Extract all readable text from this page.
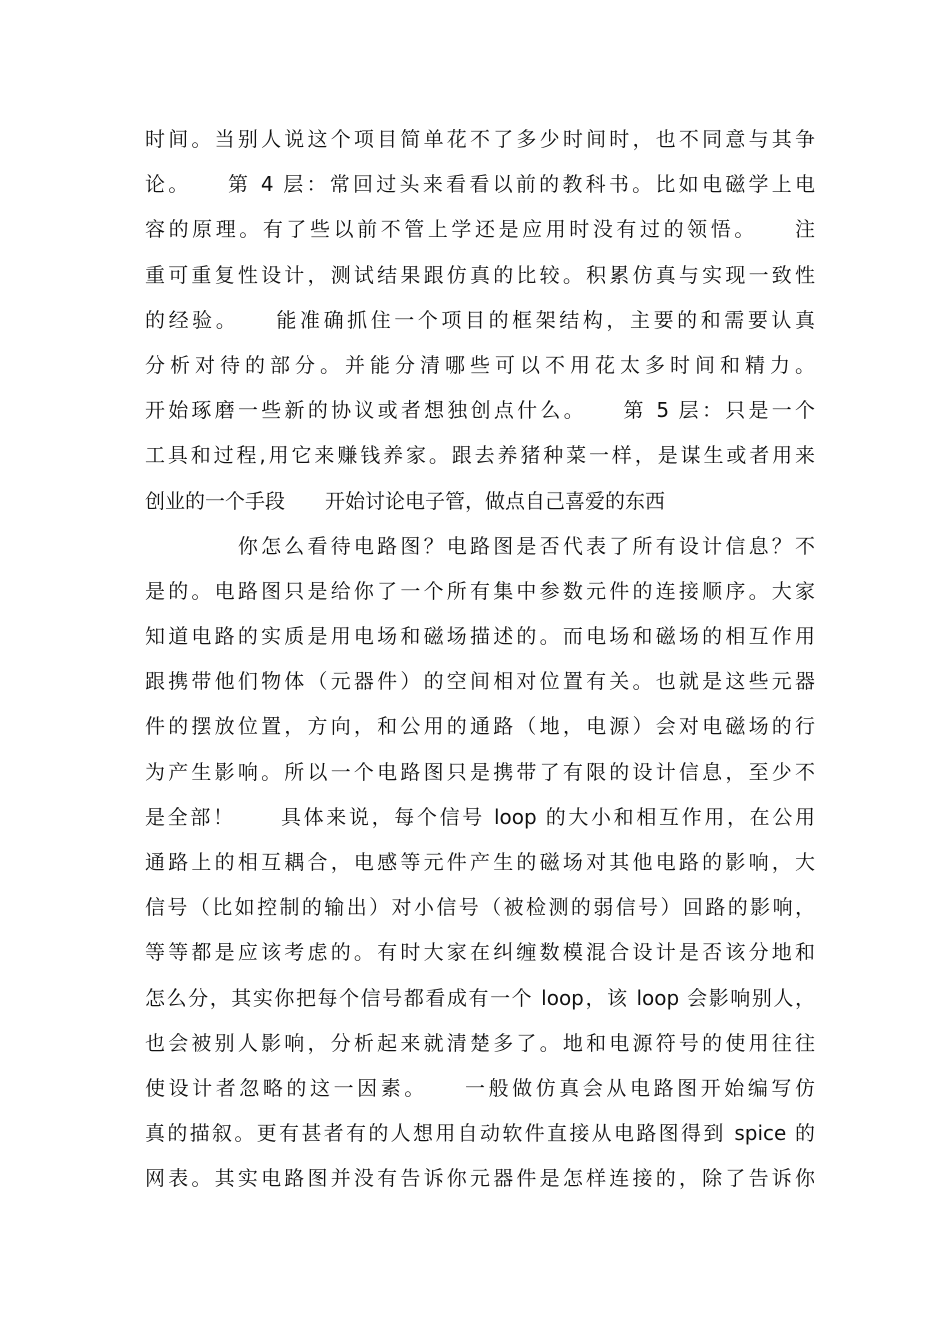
时间。当别人说这个项目简单花不了多少时间时，也不同意与其争
论。　　第 4 层：常回过头来看看以前的教科书。比如电磁学上电
容的原理。有了些以前不管上学还是应用时没有过的领悟。　　注
重可重复性设计，测试结果跟仿真的比较。积累仿真与实现一致性
的经验。　　能准确抓住一个项目的框架结构，主要的和需要认真
分析对待的部分。并能分清哪些可以不用花太多时间和精力。
开始琢磨一些新的协议或者想独创点什么。　　第 5 层：只是一个
工具和过程,用它来赚钱养家。跟去养猪种菜一样，是谋生或者用来
创业的一个手段　　开始讨论电子管，做点自己喜爱的东西
　　　　你怎么看待电路图？电路图是否代表了所有设计信息？不
是的。电路图只是给你了一个所有集中参数元件的连接顺序。大家
知道电路的实质是用电场和磁场描述的。而电场和磁场的相互作用
跟携带他们物体（元器件）的空间相对位置有关。也就是这些元器
件的摆放位置，方向，和公用的通路（地，电源）会对电磁场的行
为产生影响。所以一个电路图只是携带了有限的设计信息，至少不
是全部！　　具体来说，每个信号 loop 的大小和相互作用，在公用
通路上的相互耦合，电感等元件产生的磁场对其他电路的影响，大
信号（比如控制的输出）对小信号（被检测的弱信号）回路的影响，
等等都是应该考虑的。有时大家在纠缠数模混合设计是否该分地和
怎么分，其实你把每个信号都看成有一个 loop，该 loop 会影响别人，
也会被别人影响，分析起来就清楚多了。地和电源符号的使用往往
使设计者忽略的这一因素。　　一般做仿真会从电路图开始编写仿
真的描叙。更有甚者有的人想用自动软件直接从电路图得到 spice 的
网表。其实电路图并没有告诉你元器件是怎样连接的，除了告诉你
